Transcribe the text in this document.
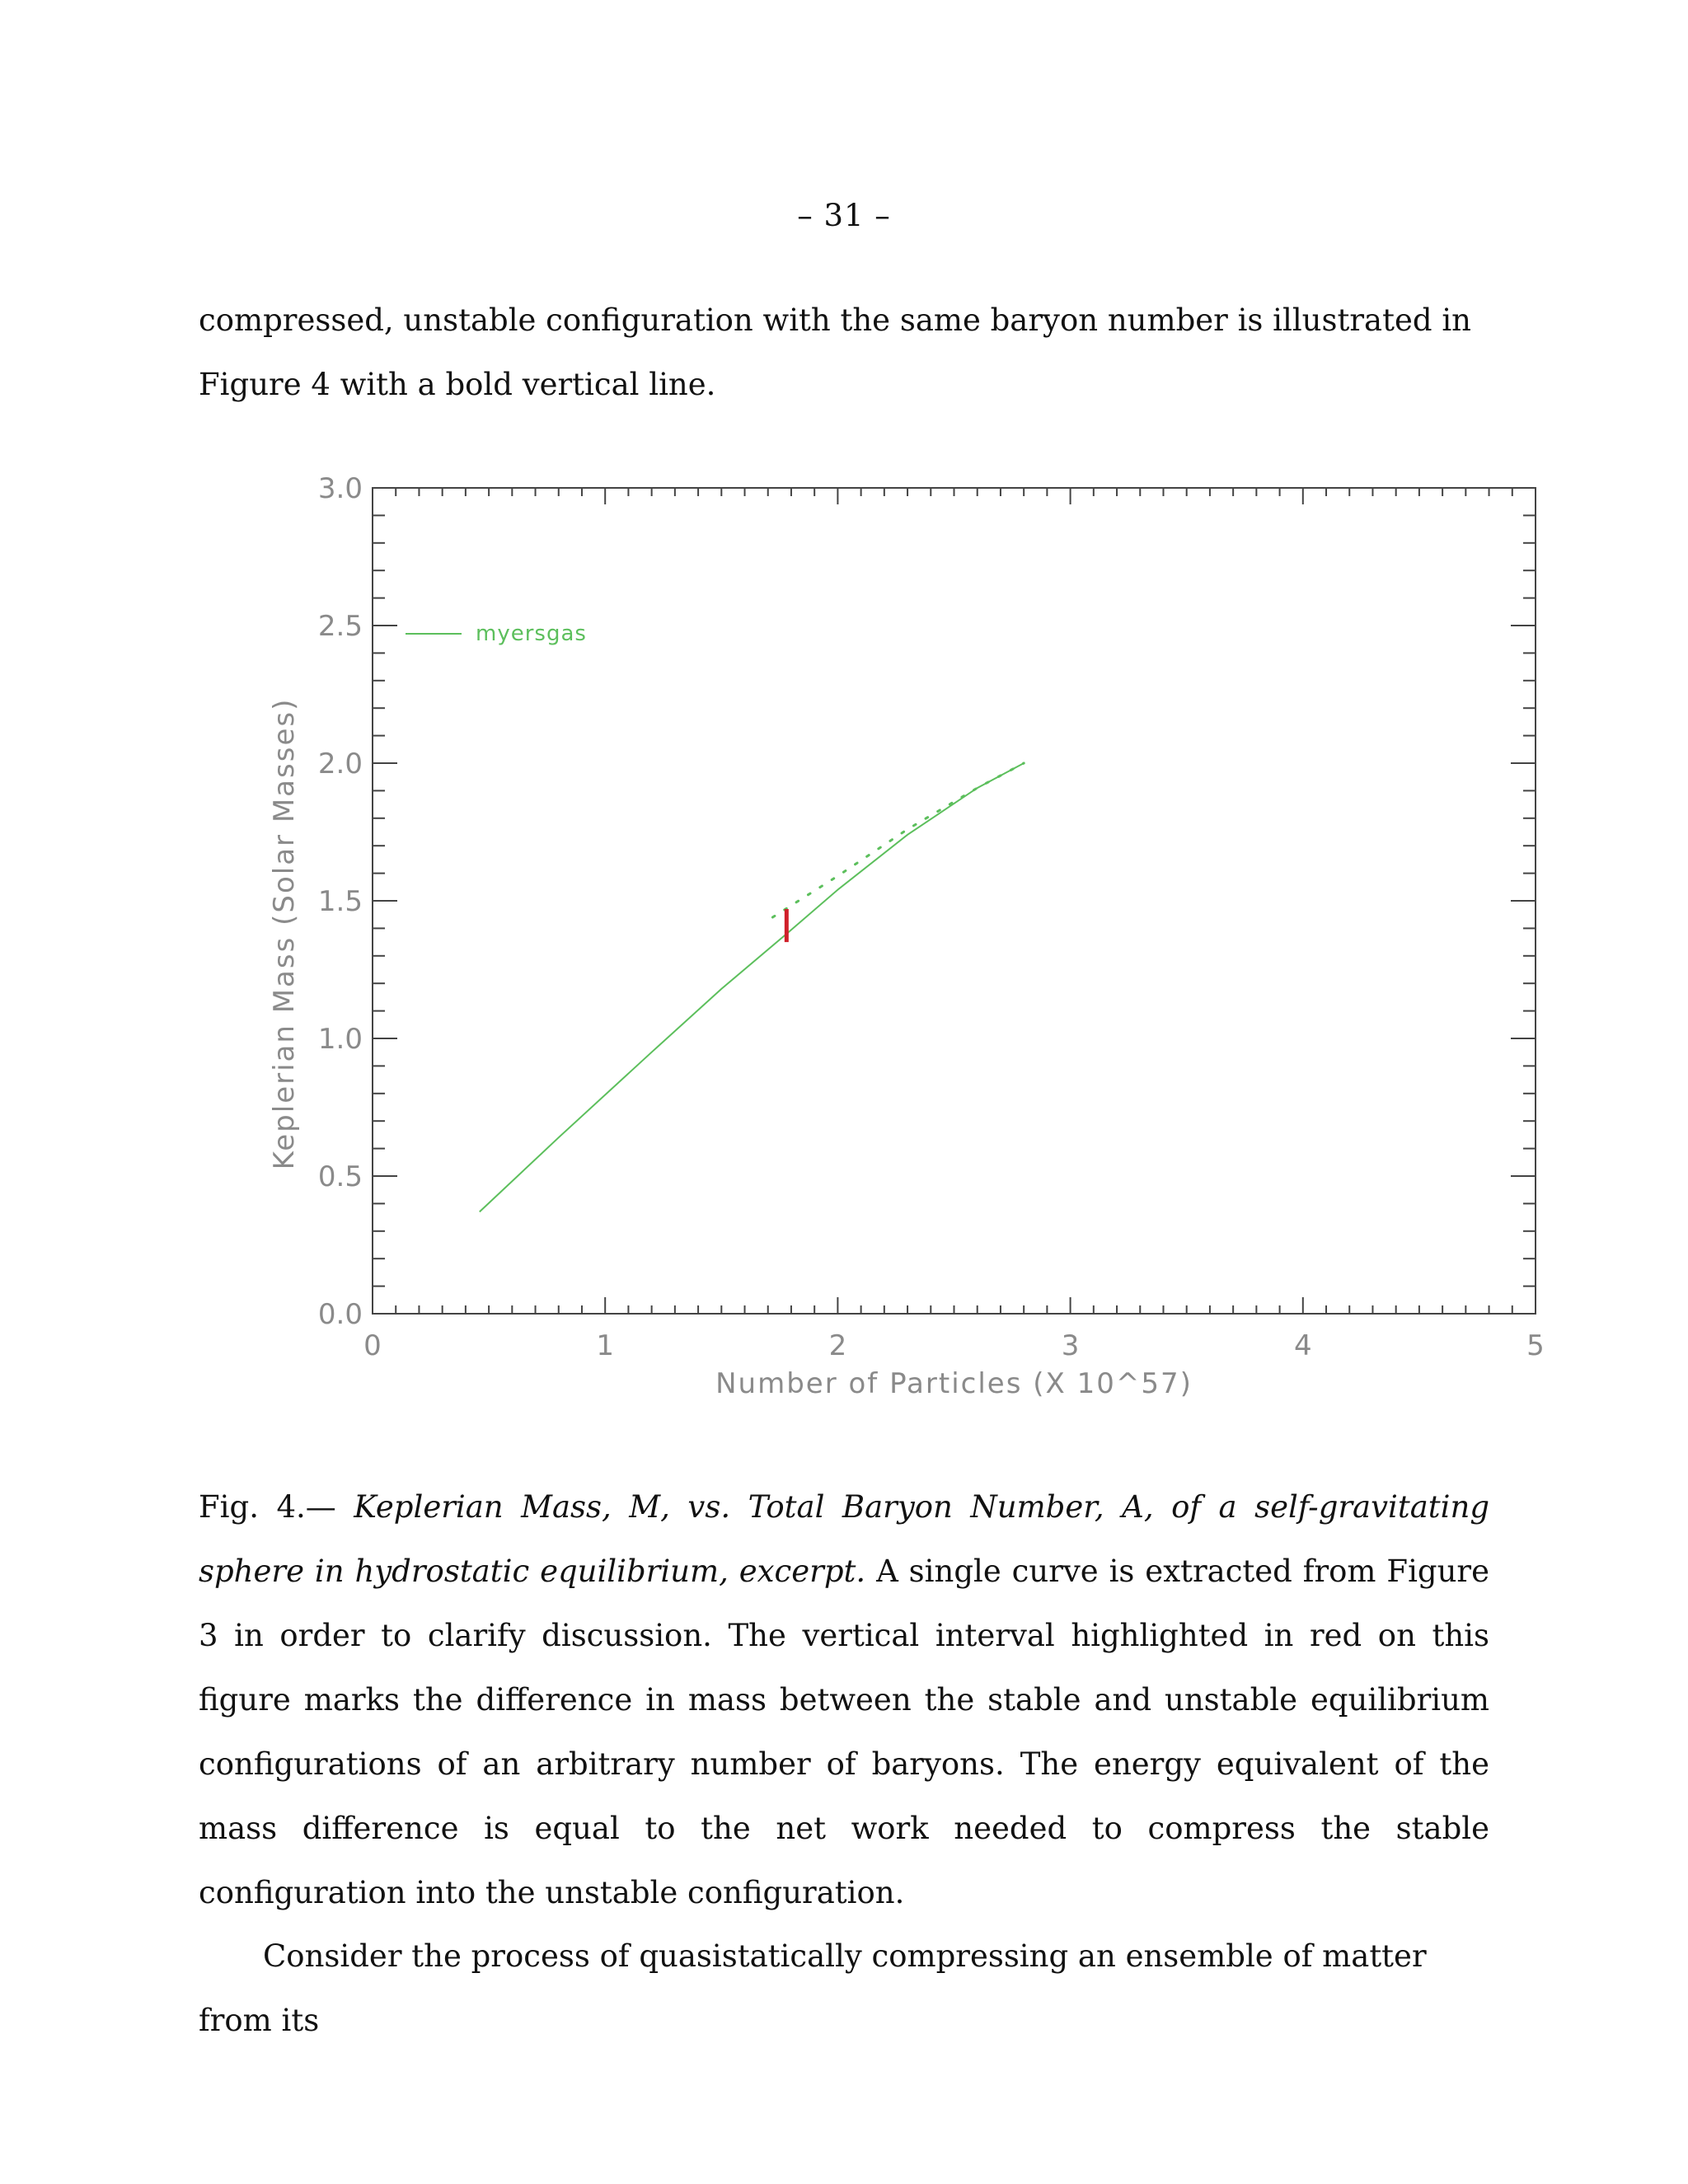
– 31 –

compressed, unstable configuration with the same baryon number is illustrated in Figure 4 with a bold vertical line.

0	1	2	3	4	5
0.0
0.5
1.0
1.5
2.0
2.5
3.0
Number of Particles (X 10^57)
Keplerian Mass (Solar Masses)
myersgas

Fig. 4.— Keplerian Mass, M, vs. Total Baryon Number, A, of a self-gravitating sphere in hydrostatic equilibrium, excerpt. A single curve is extracted from Figure 3 in order to clarify discussion. The vertical interval highlighted in red on this figure marks the difference in mass between the stable and unstable equilibrium configurations of an arbitrary number of baryons. The energy equivalent of the mass difference is equal to the net work needed to compress the stable configuration into the unstable configuration.

Consider the process of quasistatically compressing an ensemble of matter from its
